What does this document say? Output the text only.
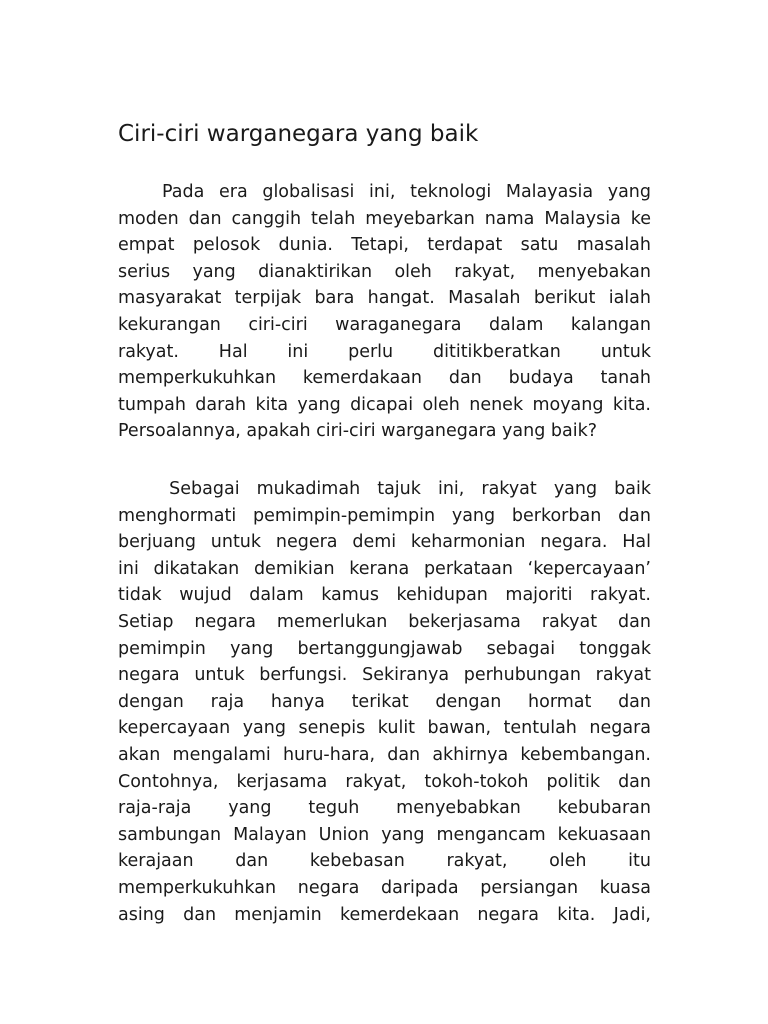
Ciri-ciri warganegara yang baik
Pada era globalisasi ini, teknologi Malayasia yang
moden dan canggih telah meyebarkan nama Malaysia ke
empat pelosok dunia. Tetapi, terdapat satu masalah
serius yang dianaktirikan oleh rakyat, menyebakan
masyarakat terpijak bara hangat. Masalah berikut ialah
kekurangan ciri-ciri waraganegara dalam kalangan
rakyat. Hal ini perlu dititikberatkan untuk
memperkukuhkan kemerdakaan dan budaya tanah
tumpah darah kita yang dicapai oleh nenek moyang kita.
Persoalannya, apakah ciri-ciri warganegara yang baik?
Sebagai mukadimah tajuk ini, rakyat yang baik
menghormati pemimpin-pemimpin yang berkorban dan
berjuang untuk negera demi keharmonian negara. Hal
ini dikatakan demikian kerana perkataan ‘kepercayaan’
tidak wujud dalam kamus kehidupan majoriti rakyat.
Setiap negara memerlukan bekerjasama rakyat dan
pemimpin yang bertanggungjawab sebagai tonggak
negara untuk berfungsi. Sekiranya perhubungan rakyat
dengan raja hanya terikat dengan hormat dan
kepercayaan yang senepis kulit bawan, tentulah negara
akan mengalami huru-hara, dan akhirnya kebembangan.
Contohnya, kerjasama rakyat, tokoh-tokoh politik dan
raja-raja yang teguh menyebabkan kebubaran
sambungan Malayan Union yang mengancam kekuasaan
kerajaan dan kebebasan rakyat, oleh itu
memperkukuhkan negara daripada persiangan kuasa
asing dan menjamin kemerdekaan negara kita. Jadi,
